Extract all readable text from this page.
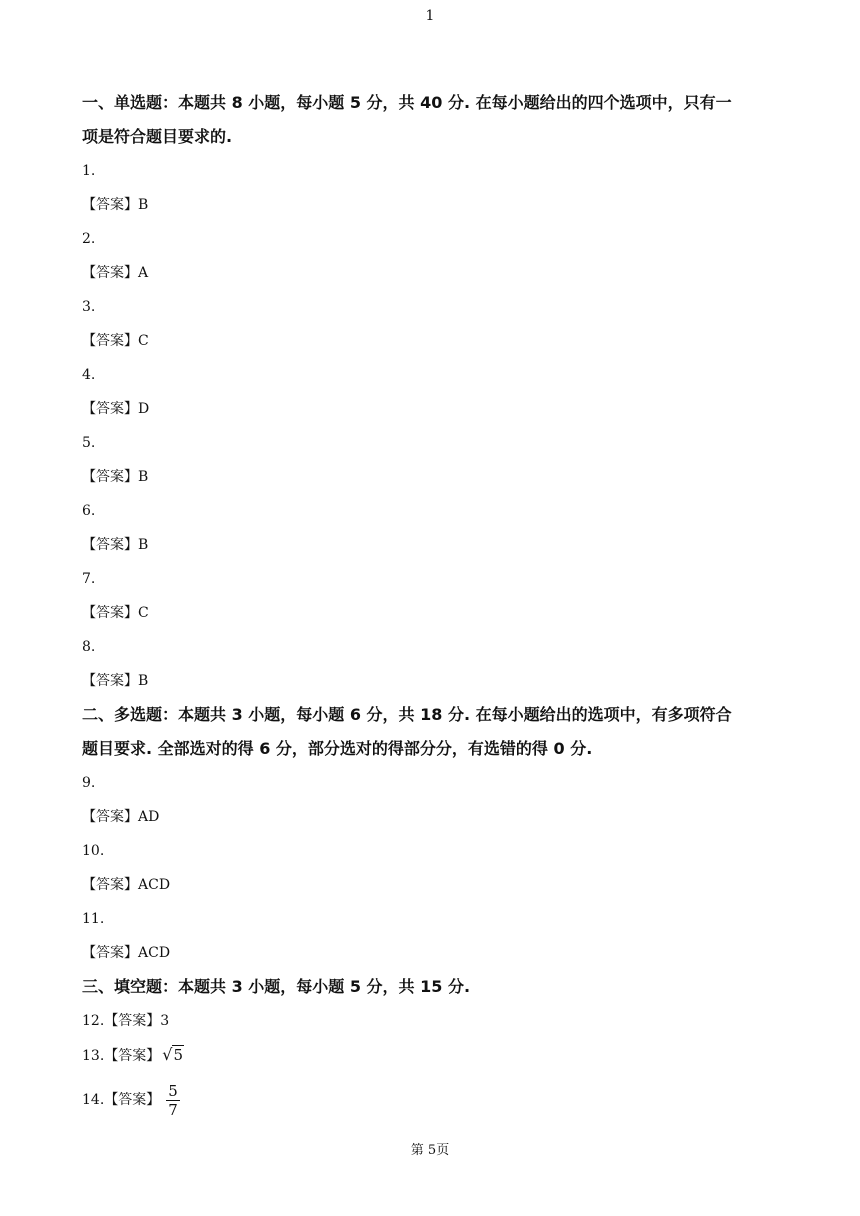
1

一、单选题：本题共 8 小题，每小题 5 分，共 40 分. 在每小题给出的四个选项中，只有一

项是符合题目要求的.

1.
【答案】B
2.
【答案】A
3.
【答案】C
4.
【答案】D
5.
【答案】B
6.
【答案】B
7.
【答案】C
8.
【答案】B

二、多选题：本题共 3 小题，每小题 6 分，共 18 分. 在每小题给出的选项中，有多项符合

题目要求. 全部选对的得 6 分，部分选对的得部分分，有选错的得 0 分.

9.
【答案】AD
10.
【答案】ACD
11.
【答案】ACD

三、填空题：本题共 3 小题，每小题 5 分，共 15 分.

12.【答案】3
13.【答案】 √5
14.【答案】 $\frac{5}{7}$
第 5页
